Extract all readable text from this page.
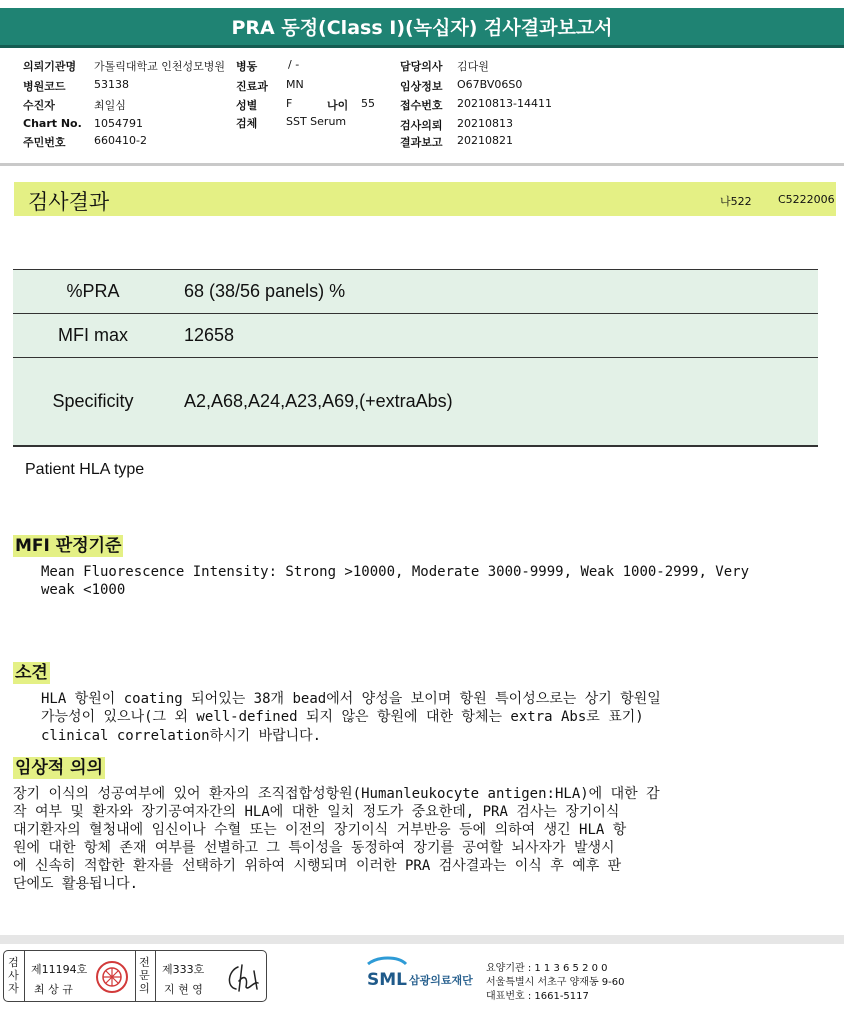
PRA 동정(Class I)(녹십자) 검사결과보고서
의뢰기관명 가톨릭대학교 인천성모병원 병동	/ -	담당의사 김다원
병원코드	53138	진료과 MN	임상정보 O67BV06S0
수진자	최일심	성별	F	나이 55 접수번호 20210813-14411
Chart No. 1054791	검체	SST Serum	검사의뢰 20210813
주민번호	660410-2	결과보고 20210821
검사결과	나522 C5222006
%PRA	68 (38/56 panels) %
MFI max	12658
Specificity	A2,A68,A24,A23,A69,(+extraAbs)
Patient HLA type
MFI 판정기준
Mean Fluorescence Intensity: Strong >10000, Moderate 3000-9999, Weak 1000-2999, Very
weak <1000
소견
HLA 항원이 coating 되어있는 38개 bead에서 양성을 보이며 항원 특이성으로는 상기 항원일
가능성이 있으나(그 외 well-defined 되지 않은 항원에 대한 항체는 extra Abs로 표기)
clinical correlation하시기 바랍니다.
임상적 의의
장기 이식의 성공여부에 있어 환자의 조직접합성항원(Humanleukocyte antigen:HLA)에 대한 감
작 여부 및 환자와 장기공여자간의 HLA에 대한 일치 정도가 중요한데, PRA 검사는 장기이식
대기환자의 혈청내에 임신이나 수혈 또는 이전의 장기이식 거부반응 등에 의하여 생긴 HLA 항
원에 대한 항체 존재 여부를 선별하고 그 특이성을 동정하여 장기를 공여할 뇌사자가 발생시
에 신속히 적합한 환자를 선택하기 위하여 시행되며 이러한 PRA 검사결과는 이식 후 예후 판
단에도 활용됩니다.
검
사
자
제11194호
최 상 규
전
문
의
제333호
지 현 영	SML 삼광의료재단
요양기관 : 1 1 3 6 5 2 0 0
서울특별시 서초구 양재동 9-60
대표번호 : 1661-5117
